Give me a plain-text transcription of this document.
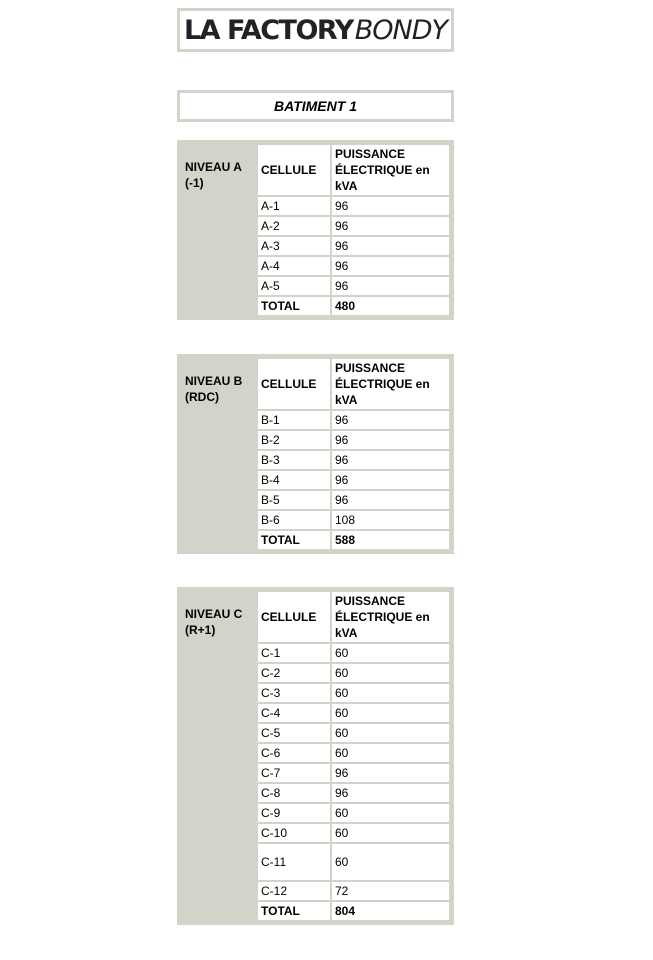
LA FACTORY BONDY
BATIMENT 1
NIVEAU A (-1)	CELLULE	PUISSANCE ÉLECTRIQUE en kVA
	A-1	96
	A-2	96
	A-3	96
	A-4	96
	A-5	96
	TOTAL	480
NIVEAU B (RDC)	CELLULE	PUISSANCE ÉLECTRIQUE en kVA
	B-1	96
	B-2	96
	B-3	96
	B-4	96
	B-5	96
	B-6	108
	TOTAL	588
NIVEAU C (R+1)	CELLULE	PUISSANCE ÉLECTRIQUE en kVA
	C-1	60
	C-2	60
	C-3	60
	C-4	60
	C-5	60
	C-6	60
	C-7	96
	C-8	96
	C-9	60
	C-10	60
	C-11	60
	C-12	72
	TOTAL	804
